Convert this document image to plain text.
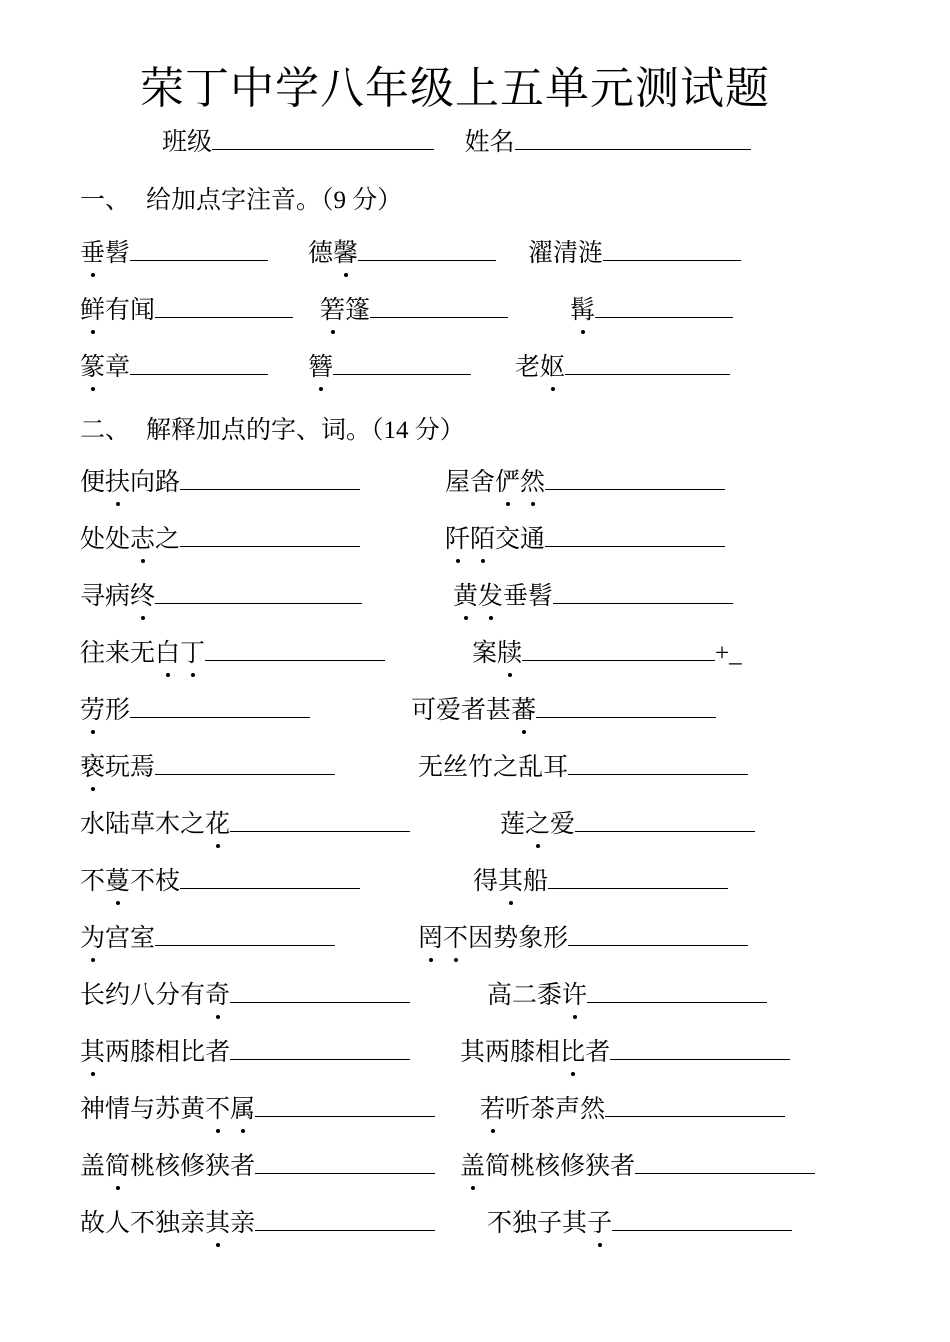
荣丁中学八年级上五单元测试题
班级	姓名
一、 给加点字注音。（9 分）
二、 解释加点的字、词。（14 分）
垂髫	德馨	濯清涟
鲜有闻	箬篷	髯
篆章	簪	老妪
便扶向路	屋舍俨然
处处志之	阡陌交通
寻病终	黄发垂髫
往来无白丁	案牍	+_
劳形	可爱者甚蕃
亵玩焉	无丝竹之乱耳
水陆草木之花	莲之爱
不蔓不枝	得其船
为宫室	罔不因势象形
长约八分有奇	高二黍许
其两膝相比者	其两膝相比者
神情与苏黄不属	若听茶声然
盖简桃核修狭者	盖简桃核修狭者
故人不独亲其亲	不独子其子
